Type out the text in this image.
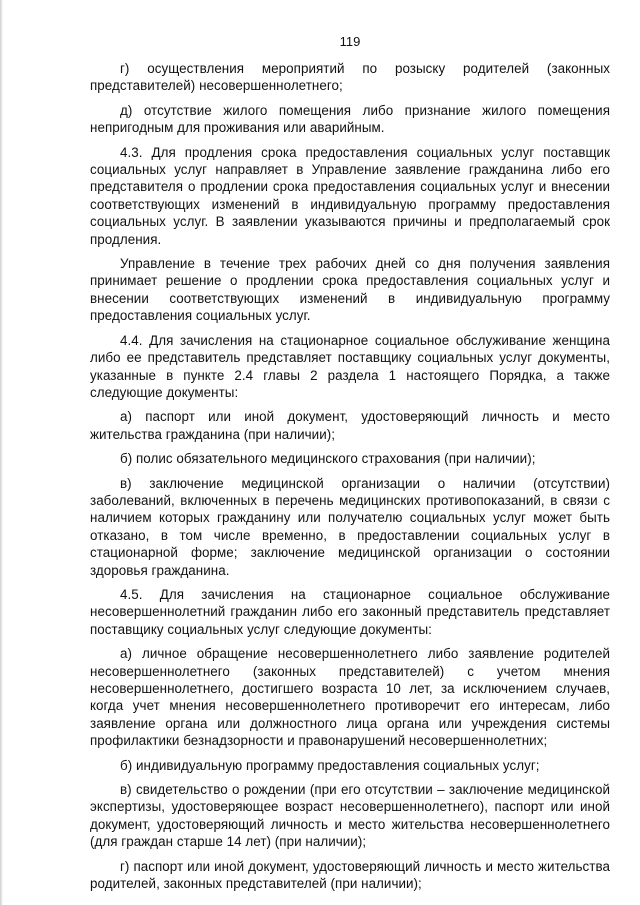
119

г) осуществления мероприятий по розыску родителей (законных представителей) несовершеннолетнего;

д) отсутствие жилого помещения либо признание жилого помещения непригодным для проживания или аварийным.

4.3. Для продления срока предоставления социальных услуг поставщик социальных услуг направляет в Управление заявление гражданина либо его представителя о продлении срока предоставления социальных услуг и внесении соответствующих изменений в индивидуальную программу предоставления социальных услуг. В заявлении указываются причины и предполагаемый срок продления.

Управление в течение трех рабочих дней со дня получения заявления принимает решение о продлении срока предоставления социальных услуг и внесении соответствующих изменений в индивидуальную программу предоставления социальных услуг.

4.4. Для зачисления на стационарное социальное обслуживание женщина либо ее представитель представляет поставщику социальных услуг документы, указанные в пункте 2.4 главы 2 раздела 1 настоящего Порядка, а также следующие документы:

а) паспорт или иной документ, удостоверяющий личность и место жительства гражданина (при наличии);

б) полис обязательного медицинского страхования (при наличии);

в) заключение медицинской организации о наличии (отсутствии) заболеваний, включенных в перечень медицинских противопоказаний, в связи с наличием которых гражданину или получателю социальных услуг может быть отказано, в том числе временно, в предоставлении социальных услуг в стационарной форме; заключение медицинской организации о состоянии здоровья гражданина.

4.5. Для зачисления на стационарное социальное обслуживание несовершеннолетний гражданин либо его законный представитель представляет поставщику социальных услуг следующие документы:

а) личное обращение несовершеннолетнего либо заявление родителей несовершеннолетнего (законных представителей) с учетом мнения несовершеннолетнего, достигшего возраста 10 лет, за исключением случаев, когда учет мнения несовершеннолетнего противоречит его интересам, либо заявление органа или должностного лица органа или учреждения системы профилактики безнадзорности и правонарушений несовершеннолетних;

б) индивидуальную программу предоставления социальных услуг;

в) свидетельство о рождении (при его отсутствии – заключение медицинской экспертизы, удостоверяющее возраст несовершеннолетнего), паспорт или иной документ, удостоверяющий личность и место жительства несовершеннолетнего (для граждан старше 14 лет) (при наличии);

г) паспорт или иной документ, удостоверяющий личность и место жительства родителей, законных представителей (при наличии);
